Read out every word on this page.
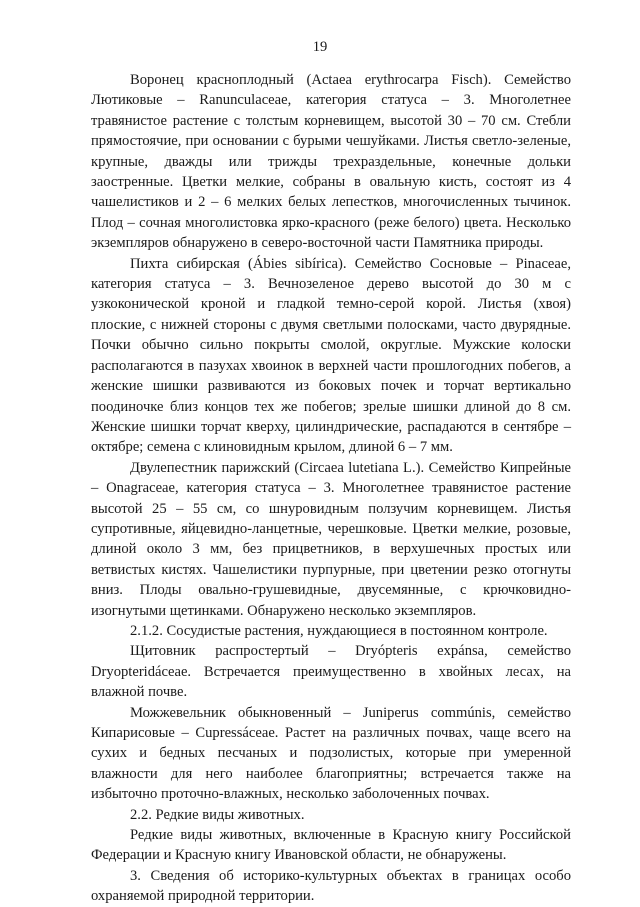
19

Воронец красноплодный (Actaea erythrocarpa Fisch). Семейство Лютиковые – Ranunculaceae, категория статуса – 3. Многолетнее травянистое растение с толстым корневищем, высотой 30 – 70 см. Стебли прямостоячие, при основании с бурыми чешуйками. Листья светло-зеленые, крупные, дважды или трижды трехраздельные, конечные дольки заостренные. Цветки мелкие, собраны в овальную кисть, состоят из 4 чашелистиков и 2 – 6 мелких белых лепестков, многочисленных тычинок. Плод – сочная многолистовка ярко-красного (реже белого) цвета. Несколько экземпляров обнаружено в северо-восточной части Памятника природы.

Пихта сибирская (Ábies sibírica). Семейство Сосновые – Pinaceae, категория статуса – 3. Вечнозеленое дерево высотой до 30 м с узкоконической кроной и гладкой темно-серой корой. Листья (хвоя) плоские, с нижней стороны с двумя светлыми полосками, часто двурядные. Почки обычно сильно покрыты смолой, округлые. Мужские колоски располагаются в пазухах хвоинок в верхней части прошлогодних побегов, а женские шишки развиваются из боковых почек и торчат вертикально поодиночке близ концов тех же побегов; зрелые шишки длиной до 8 см. Женские шишки торчат кверху, цилиндрические, распадаются в сентябре – октябре; семена с клиновидным крылом, длиной 6 – 7 мм.

Двулепестник парижский (Circaea lutetiana L.). Семейство Кипрейные – Onagraceae, категория статуса – 3. Многолетнее травянистое растение высотой 25 – 55 см, со шнуровидным ползучим корневищем. Листья супротивные, яйцевидно-ланцетные, черешковые. Цветки мелкие, розовые, длиной около 3 мм, без прицветников, в верхушечных простых или ветвистых кистях. Чашелистики пурпурные, при цветении резко отогнуты вниз. Плоды овально-грушевидные, двусемянные, с крючковидно-изогнутыми щетинками. Обнаружено несколько экземпляров.

2.1.2. Сосудистые растения, нуждающиеся в постоянном контроле.

Щитовник распростертый – Dryópteris expánsa, семейство Dryopteridáceae. Встречается преимущественно в хвойных лесах, на влажной почве.

Можжевельник обыкновенный – Juniperus commúnis, семейство Кипарисовые – Cupressáceae. Растет на различных почвах, чаще всего на сухих и бедных песчаных и подзолистых, которые при умеренной влажности для него наиболее благоприятны; встречается также на избыточно проточно-влажных, несколько заболоченных почвах.

2.2. Редкие виды животных.

Редкие виды животных, включенные в Красную книгу Российской Федерации и Красную книгу Ивановской области, не обнаружены.

3. Сведения об историко-культурных объектах в границах особо охраняемой природной территории.
